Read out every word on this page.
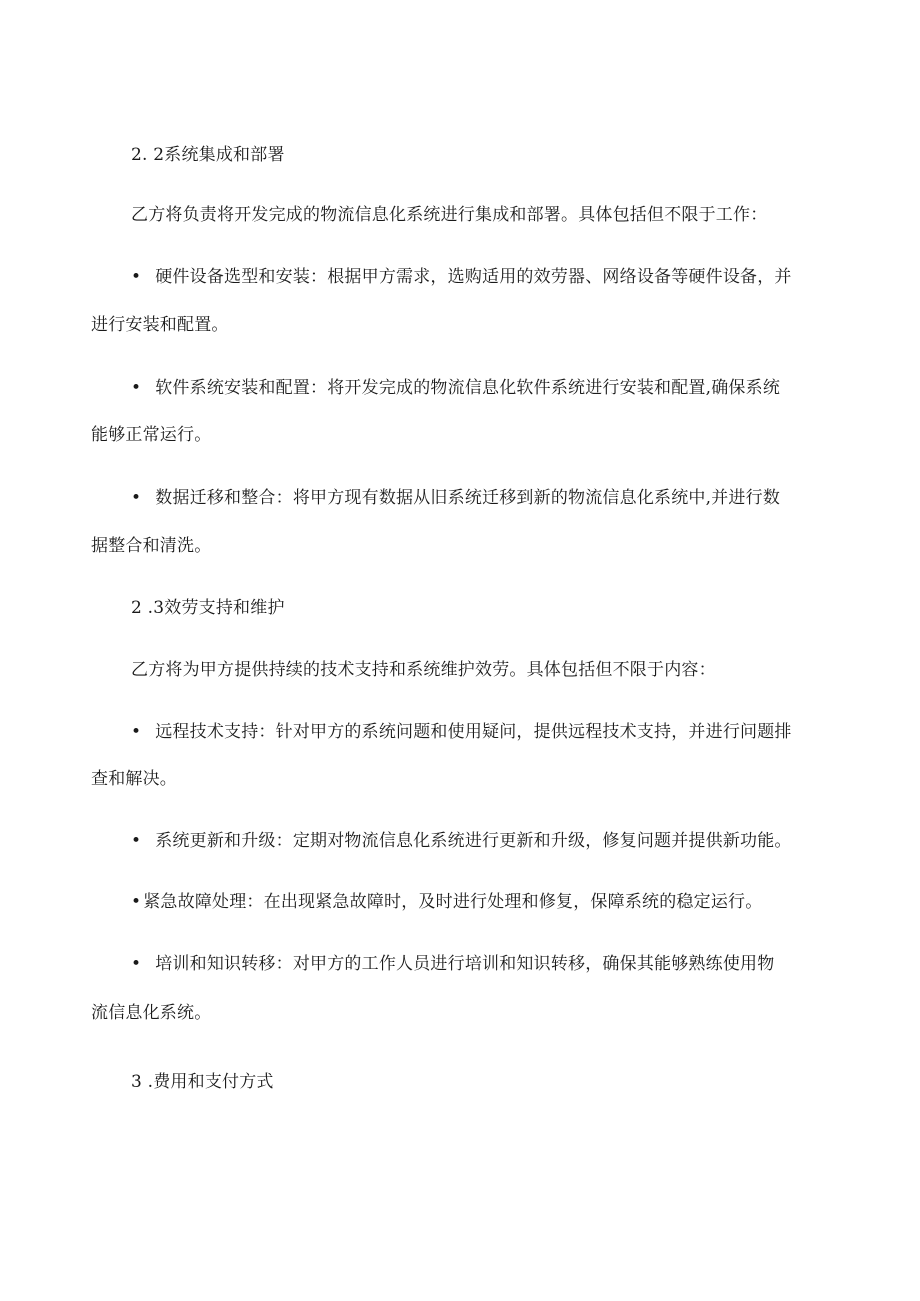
2. 2系统集成和部署
乙方将负责将开发完成的物流信息化系统进行集成和部署。具体包括但不限于工作：
• 硬件设备选型和安装：根据甲方需求，选购适用的效劳器、网络设备等硬件设备，并
进行安装和配置。
• 软件系统安装和配置：将开发完成的物流信息化软件系统进行安装和配置,确保系统
能够正常运行。
• 数据迁移和整合：将甲方现有数据从旧系统迁移到新的物流信息化系统中,并进行数
据整合和清洗。
2 .3效劳支持和维护
乙方将为甲方提供持续的技术支持和系统维护效劳。具体包括但不限于内容：
• 远程技术支持：针对甲方的系统问题和使用疑问，提供远程技术支持，并进行问题排
查和解决。
• 系统更新和升级：定期对物流信息化系统进行更新和升级，修复问题并提供新功能。
• 紧急故障处理：在出现紧急故障时，及时进行处理和修复，保障系统的稳定运行。
• 培训和知识转移：对甲方的工作人员进行培训和知识转移，确保其能够熟练使用物
流信息化系统。
3 .费用和支付方式
